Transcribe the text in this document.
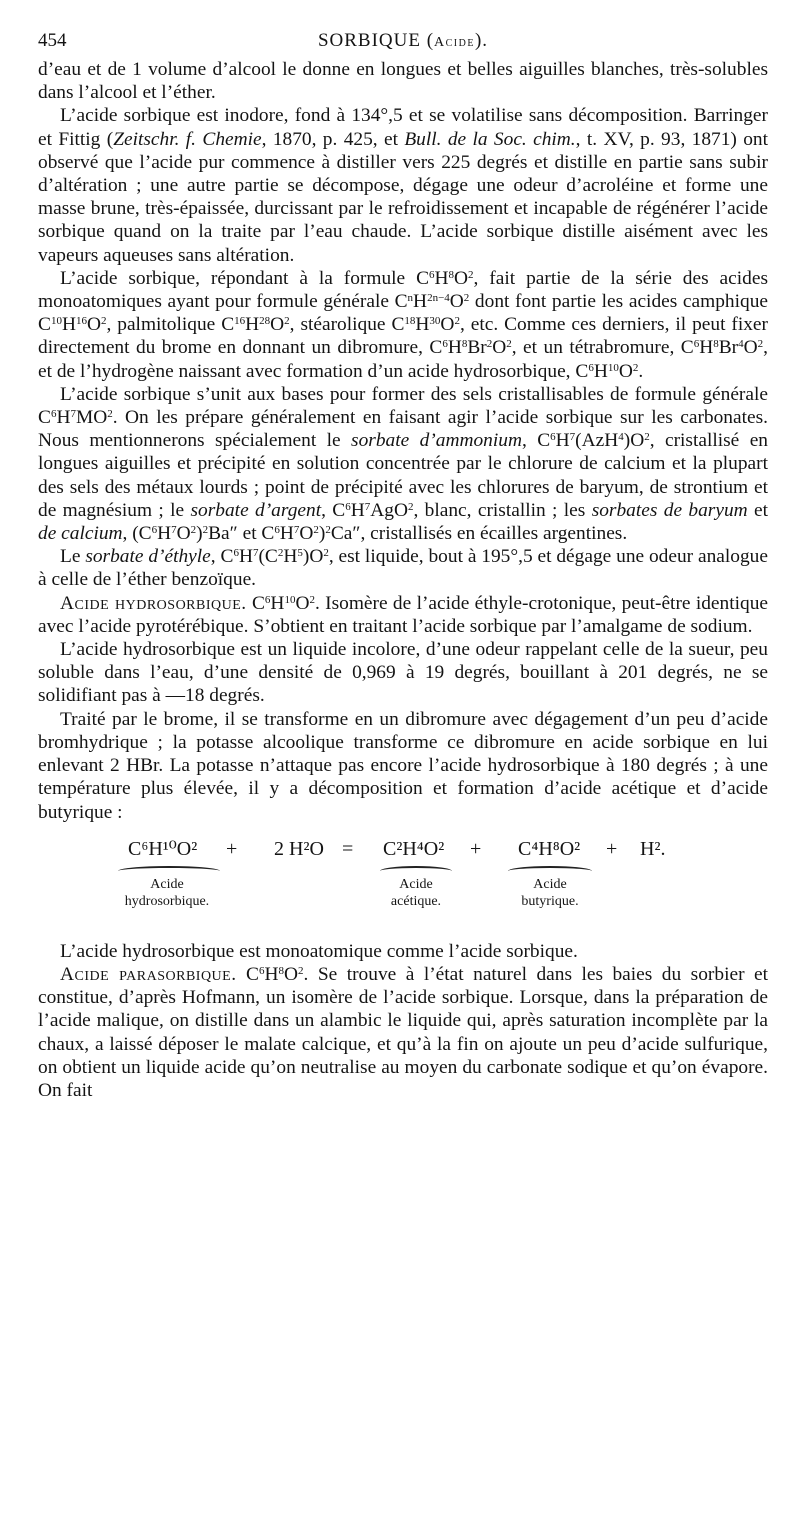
454	SORBIQUE (Acide).

d’eau et de 1 volume d’alcool le donne en longues et belles aiguilles blanches, très-solubles dans l’alcool et l’éther.

L’acide sorbique est inodore, fond à 134°,5 et se volatilise sans décomposition. Barringer et Fittig (Zeitschr. f. Chemie, 1870, p. 425, et Bull. de la Soc. chim., t. XV, p. 93, 1871) ont observé que l’acide pur commence à distiller vers 225 degrés et distille en partie sans subir d’altération ; une autre partie se décompose, dégage une odeur d’acroléine et forme une masse brune, très-épaissée, durcissant par le refroidissement et incapable de régénérer l’acide sorbique quand on la traite par l’eau chaude. L’acide sorbique distille aisément avec les vapeurs aqueuses sans altération.

L’acide sorbique, répondant à la formule $C^6H^8O^2$, fait partie de la série des acides monoatomiques ayant pour formule générale $C^nH^{2n-4}O^2$ dont font partie les acides camphique $C^{10}H^{16}O^2$, palmitolique $C^{16}H^{28}O^2$, stéarolique $C^{18}H^{30}O^2$, etc. Comme ces derniers, il peut fixer directement du brome en donnant un dibromure, $C^6H^8Br^2O^2$, et un tétrabromure, $C^6H^8Br^4O^2$, et de l’hydrogène naissant avec formation d’un acide hydrosorbique, $C^6H^{10}O^2$.

L’acide sorbique s’unit aux bases pour former des sels cristallisables de formule générale $C^6H^7MO^2$. On les prépare généralement en faisant agir l’acide sorbique sur les carbonates. Nous mentionnerons spécialement le sorbate d’ammonium, $C^6H^7(AzH^4)O^2$, cristallisé en longues aiguilles et précipité en solution concentrée par le chlorure de calcium et la plupart des sels des métaux lourds ; point de précipité avec les chlorures de baryum, de strontium et de magnésium ; le sorbate d’argent, $C^6H^7AgO^2$, blanc, cristallin ; les sorbates de baryum et de calcium, $(C^6H^7O^2)^2Ba''$ et $C^6H^7O^2)^2Ca''$, cristallisés en écailles argentines.

Le sorbate d’éthyle, $C^6H^7(C^2H^5)O^2$, est liquide, bout à 195°,5 et dégage une odeur analogue à celle de l’éther benzoïque.

Acide hydrosorbique. $C^6H^{10}O^2$. Isomère de l’acide éthyle-crotonique, peut-être identique avec l’acide pyrotérébique. S’obtient en traitant l’acide sorbique par l’amalgame de sodium.

L’acide hydrosorbique est un liquide incolore, d’une odeur rappelant celle de la sueur, peu soluble dans l’eau, d’une densité de 0,969 à 19 degrés, bouillant à 201 degrés, ne se solidifiant pas à —18 degrés.

Traité par le brome, il se transforme en un dibromure avec dégagement d’un peu d’acide bromhydrique ; la potasse alcoolique transforme ce dibromure en acide sorbique en lui enlevant 2 HBr. La potasse n’attaque pas encore l’acide hydrosorbique à 180 degrés ; à une température plus élevée, il y a décomposition et formation d’acide acétique et d’acide butyrique :

C⁶H¹⁰O² + 2 H²O = C²H⁴O² + C⁴H⁸O² + H².
Acide
hydrosorbique.
Acide
acétique.
Acide
butyrique.

L’acide hydrosorbique est monoatomique comme l’acide sorbique.

Acide parasorbique. $C^6H^8O^2$. Se trouve à l’état naturel dans les baies du sorbier et constitue, d’après Hofmann, un isomère de l’acide sorbique. Lorsque, dans la préparation de l’acide malique, on distille dans un alambic le liquide qui, après saturation incomplète par la chaux, a laissé déposer le malate calcique, et qu’à la fin on ajoute un peu d’acide sulfurique, on obtient un liquide acide qu’on neutralise au moyen du carbonate sodique et qu’on évapore. On fait
